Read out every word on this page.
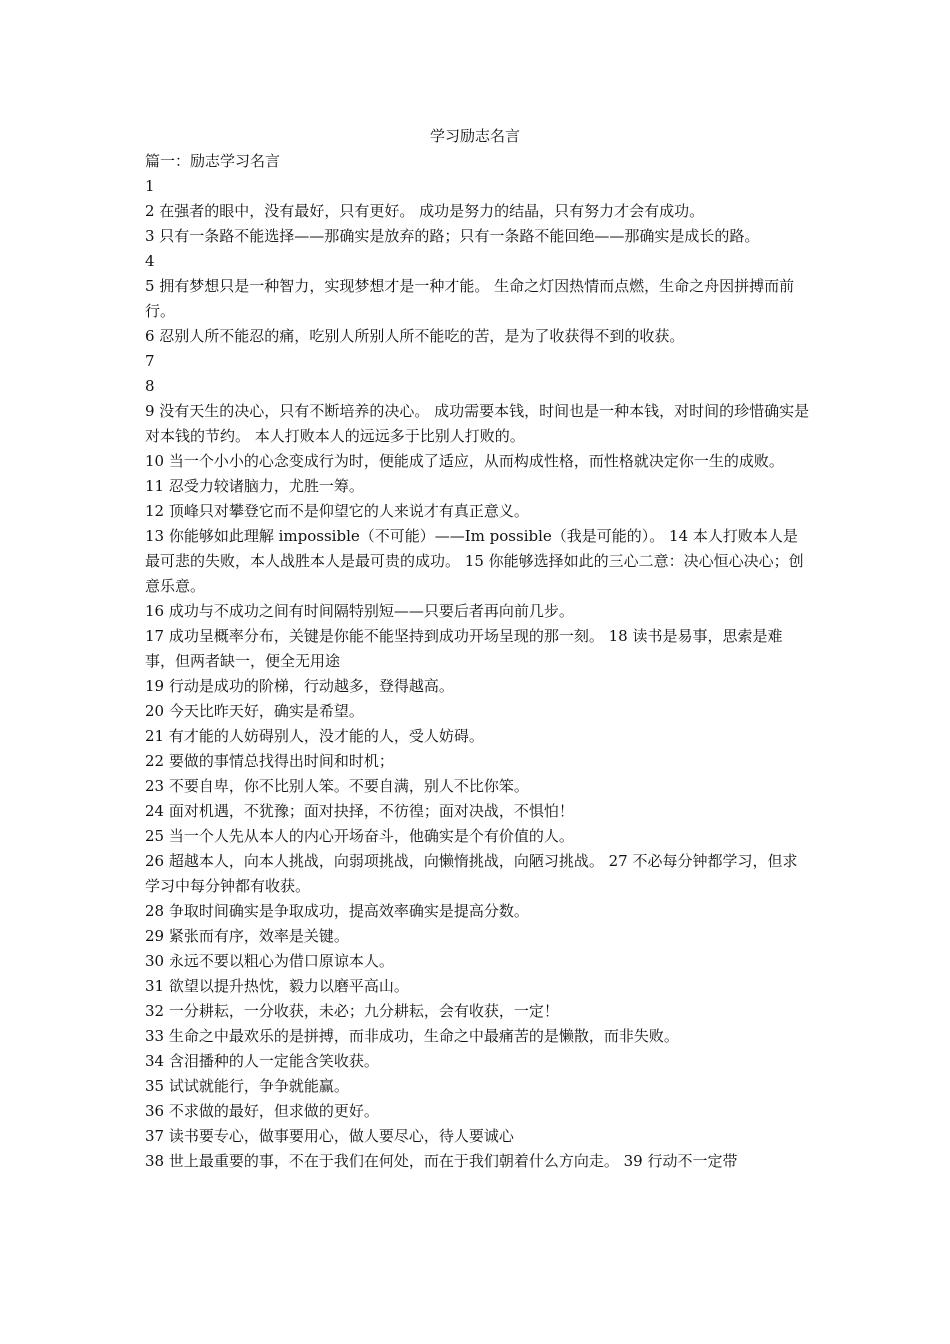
学习励志名言

篇一：励志学习名言

1

2 在强者的眼中，没有最好，只有更好。 成功是努力的结晶，只有努力才会有成功。

3 只有一条路不能选择——那确实是放弃的路；只有一条路不能回绝——那确实是成长的路。

4

5 拥有梦想只是一种智力，实现梦想才是一种才能。 生命之灯因热情而点燃，生命之舟因拼搏而前行。

6 忍别人所不能忍的痛，吃别人所别人所不能吃的苦，是为了收获得不到的收获。

7

8

9 没有天生的决心，只有不断培养的决心。 成功需要本钱，时间也是一种本钱，对时间的珍惜确实是对本钱的节约。 本人打败本人的远远多于比别人打败的。

10 当一个小小的心念变成行为时，便能成了适应，从而构成性格，而性格就决定你一生的成败。

11 忍受力较诸脑力，尤胜一筹。

12 顶峰只对攀登它而不是仰望它的人来说才有真正意义。

13 你能够如此理解 impossible（不可能）——Im possible（我是可能的）。 14 本人打败本人是最可悲的失败，本人战胜本人是最可贵的成功。 15 你能够选择如此的三心二意：决心恒心决心；创意乐意。

16 成功与不成功之间有时间隔特别短——只要后者再向前几步。

17 成功呈概率分布，关键是你能不能坚持到成功开场呈现的那一刻。 18 读书是易事，思索是难事，但两者缺一，便全无用途

19 行动是成功的阶梯，行动越多，登得越高。

20 今天比昨天好，确实是希望。

21 有才能的人妨碍别人，没才能的人，受人妨碍。

22 要做的事情总找得出时间和时机；

23 不要自卑，你不比别人笨。不要自满，别人不比你笨。

24 面对机遇，不犹豫；面对抉择，不彷徨；面对决战，不惧怕！

25 当一个人先从本人的内心开场奋斗，他确实是个有价值的人。

26 超越本人，向本人挑战，向弱项挑战，向懒惰挑战，向陋习挑战。 27 不必每分钟都学习，但求学习中每分钟都有收获。

28 争取时间确实是争取成功，提高效率确实是提高分数。

29 紧张而有序，效率是关键。

30 永远不要以粗心为借口原谅本人。

31 欲望以提升热忱，毅力以磨平高山。

32 一分耕耘，一分收获，未必；九分耕耘，会有收获，一定！

33 生命之中最欢乐的是拼搏，而非成功，生命之中最痛苦的是懒散，而非失败。

34 含泪播种的人一定能含笑收获。

35 试试就能行，争争就能赢。

36 不求做的最好，但求做的更好。

37 读书要专心，做事要用心，做人要尽心，待人要诚心

38 世上最重要的事，不在于我们在何处，而在于我们朝着什么方向走。 39 行动不一定带
